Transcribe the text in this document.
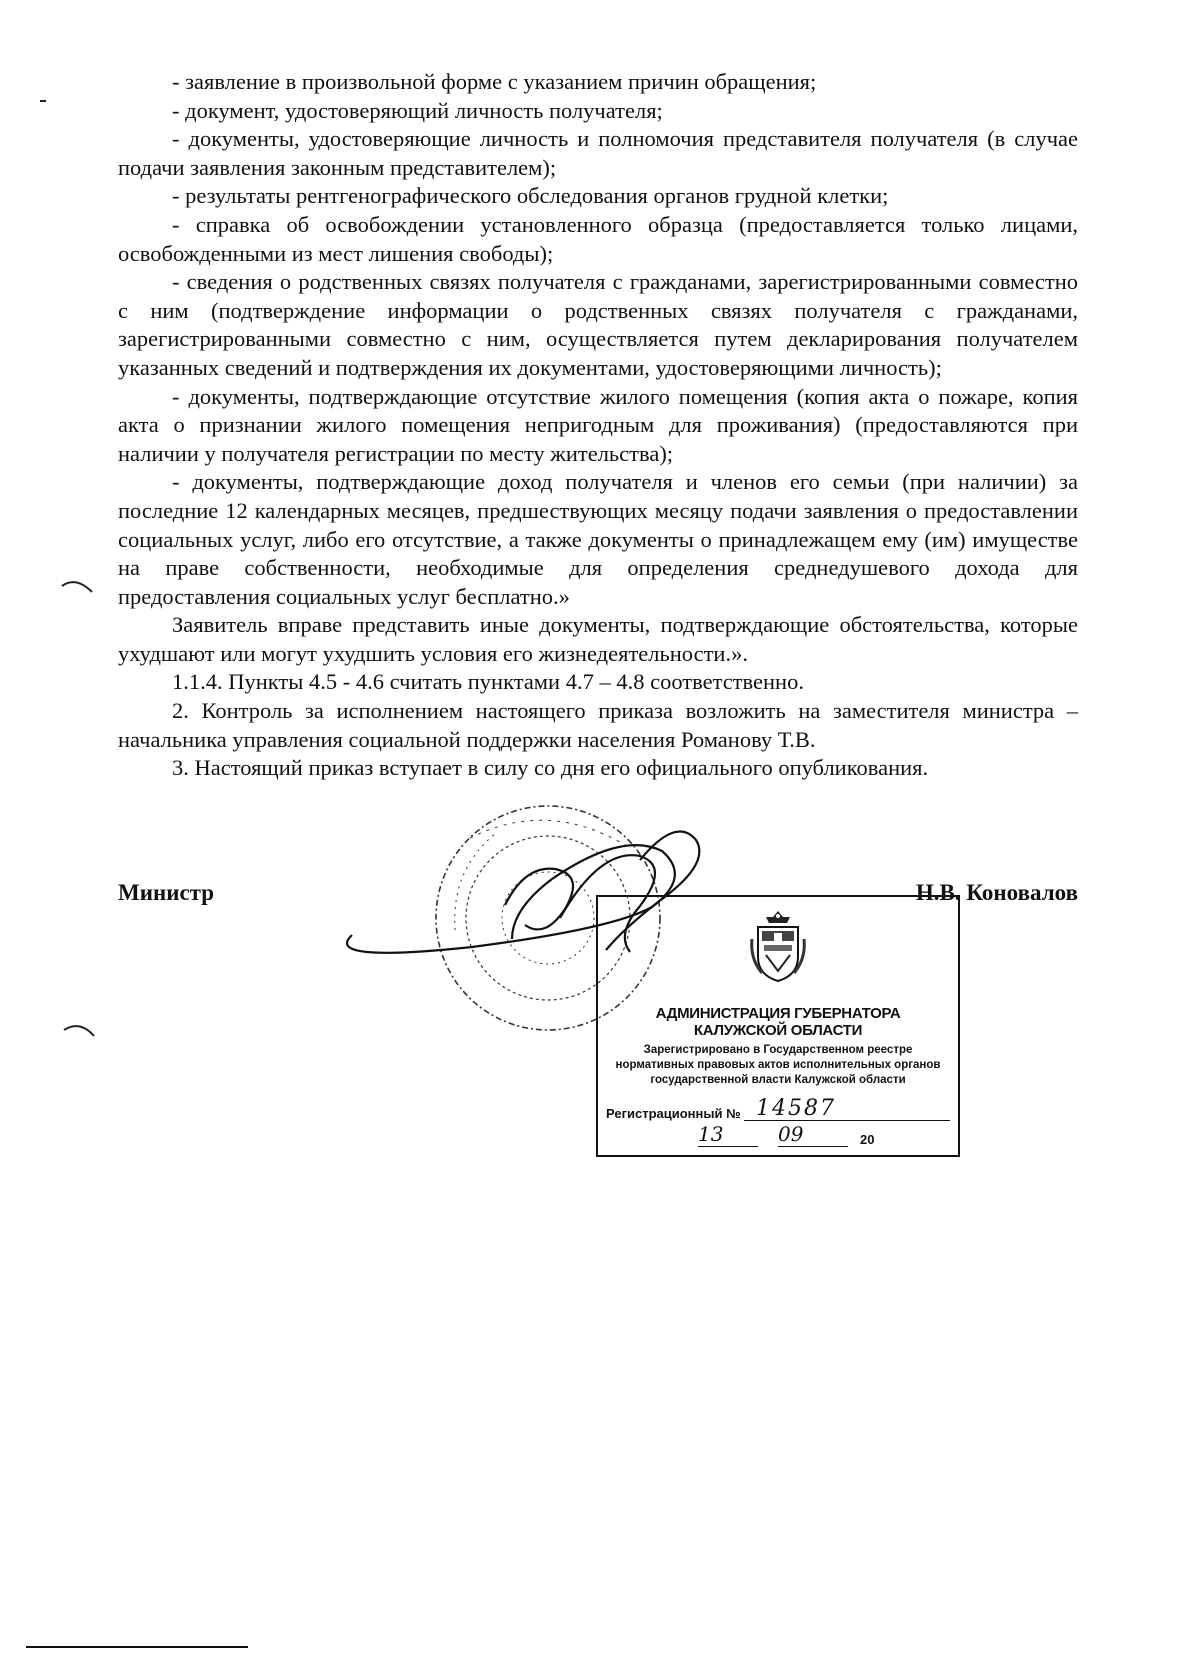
- заявление в произвольной форме с указанием причин обращения;

- документ, удостоверяющий личность получателя;

- документы, удостоверяющие личность и полномочия представителя получателя (в случае подачи заявления законным представителем);

- результаты рентгенографического обследования органов грудной клетки;

- справка об освобождении установленного образца (предоставляется только лицами, освобожденными из мест лишения свободы);

- сведения о родственных связях получателя с гражданами, зарегистрированными совместно с ним (подтверждение информации о родственных связях получателя с гражданами, зарегистрированными совместно с ним, осуществляется путем декларирования получателем указанных сведений и подтверждения их документами, удостоверяющими личность);

- документы, подтверждающие отсутствие жилого помещения (копия акта о пожаре, копия акта о признании жилого помещения непригодным для проживания) (предоставляются при наличии у получателя регистрации по месту жительства);

- документы, подтверждающие доход получателя и членов его семьи (при наличии) за последние 12 календарных месяцев, предшествующих месяцу подачи заявления о предоставлении социальных услуг, либо его отсутствие, а также документы о принадлежащем ему (им) имуществе на праве собственности, необходимые для определения среднедушевого дохода для предоставления социальных услуг бесплатно.»

Заявитель вправе представить иные документы, подтверждающие обстоятельства, которые ухудшают или могут ухудшить условия его жизнедеятельности.».

1.1.4. Пункты 4.5 - 4.6 считать пунктами 4.7 – 4.8 соответственно.

2. Контроль за исполнением настоящего приказа возложить на заместителя министра – начальника управления социальной поддержки населения Романову Т.В.

3. Настоящий приказ вступает в силу со дня его официального опубликования.

Министр	Н.В. Коновалов
АДМИНИСТРАЦИЯ ГУБЕРНАТОРА КАЛУЖСКОЙ ОБЛАСТИ
Зарегистрировано в Государственном реестре нормативных правовых актов исполнительных органов государственной власти Калужской области
Регистрационный № 14587
13	09	20
